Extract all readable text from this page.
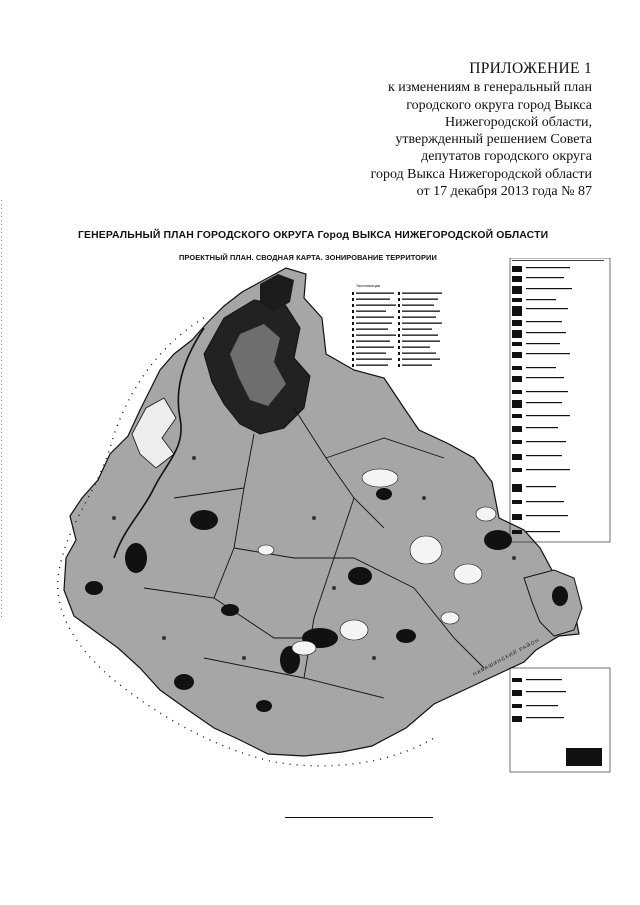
ПРИЛОЖЕНИЕ 1
к изменениям в генеральный план
городского округа город Выкса
Нижегородской области,
утвержденный решением Совета
депутатов городского округа
город Выкса Нижегородской области
от 17 декабря 2013 года № 87
ГЕНЕРАЛЬНЫЙ ПЛАН ГОРОДСКОГО ОКРУГА Город ВЫКСА НИЖЕГОРОДСКОЙ ОБЛАСТИ
ПРОЕКТНЫЙ ПЛАН. СВОДНАЯ КАРТА. ЗОНИРОВАНИЕ ТЕРРИТОРИИ
Экспликация
НАВАШИНСКИЙ РАЙОН
